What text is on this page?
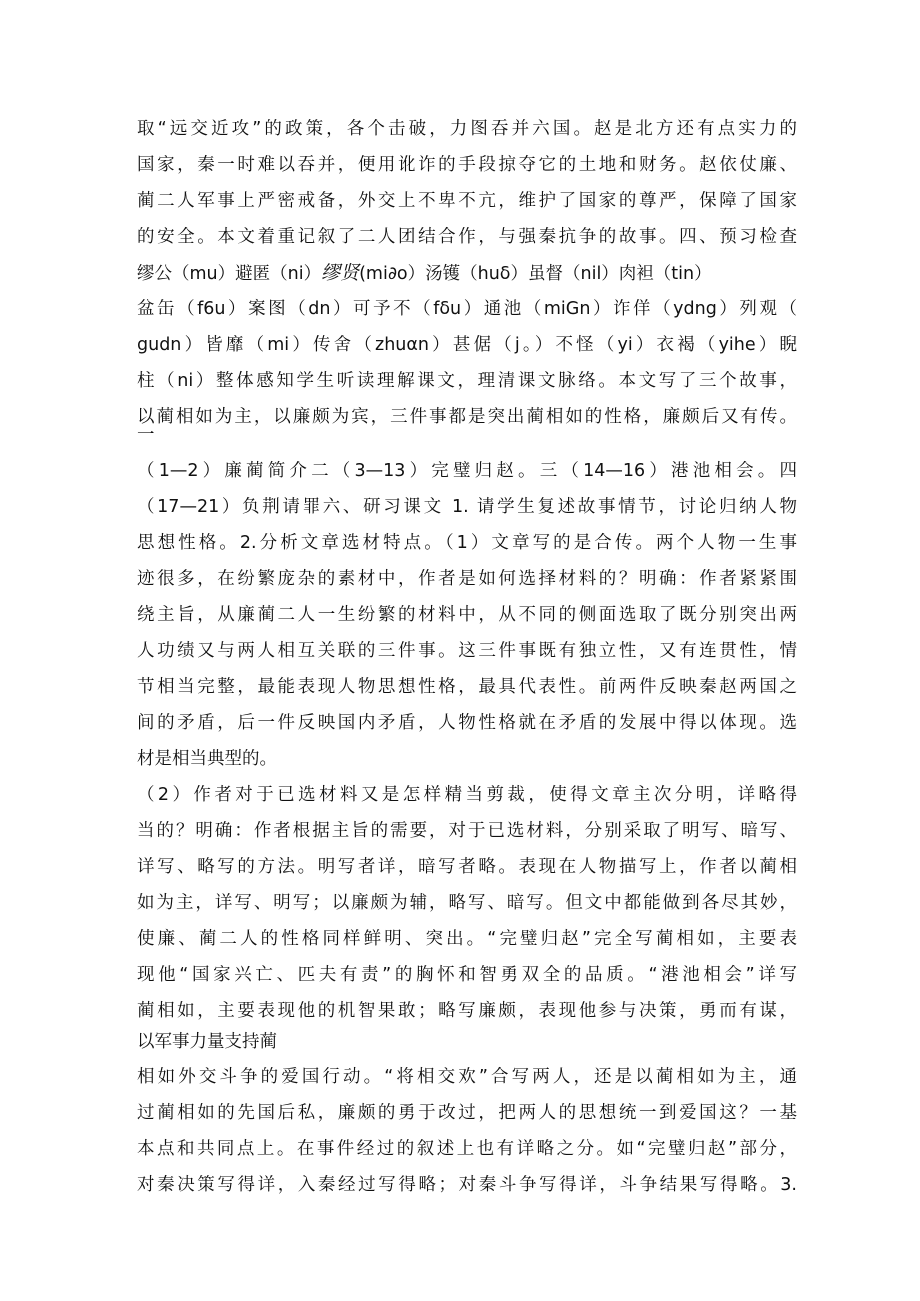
取“远交近攻”的政策，各个击破，力图吞并六国。赵是北方还有点实力的
国家，秦一时难以吞并，便用讹诈的手段掠夺它的土地和财务。赵依仗廉、
蔺二人军事上严密戒备，外交上不卑不亢，维护了国家的尊严，保障了国家
的安全。本文着重记叙了二人团结合作，与强秦抗争的故事。四、预习检查
缪公（mu）避匿（ni）缪贤(mi∂o）汤镬（huδ）虽督（nil）肉袒（tin）
盆缶（f6u）案图（dn）可予不（fδu）通池（miGn）诈佯（ydng）列观（
gudn）皆靡（mi）传舍（zhuαn）甚倨（j。）不怪（yi）衣褐（yihe）睨
柱（ni）整体感知学生听读理解课文，理清课文脉络。本文写了三个故事，
以蔺相如为主，以廉颇为宾，三件事都是突出蔺相如的性格，廉颇后又有传。
一
（1—2）廉蔺简介二（3—13）完璧归赵。三（14—16）港池相会。四
（17—21）负荆请罪六、研习课文 1. 请学生复述故事情节，讨论归纳人物
思想性格。2.分析文章选材特点。（1）文章写的是合传。两个人物一生事
迹很多，在纷繁庞杂的素材中，作者是如何选择材料的？明确：作者紧紧围
绕主旨，从廉蔺二人一生纷繁的材料中，从不同的侧面选取了既分别突出两
人功绩又与两人相互关联的三件事。这三件事既有独立性，又有连贯性，情
节相当完整，最能表现人物思想性格，最具代表性。前两件反映秦赵两国之
间的矛盾，后一件反映国内矛盾，人物性格就在矛盾的发展中得以体现。选
材是相当典型的。
（2）作者对于已选材料又是怎样精当剪裁，使得文章主次分明，详略得
当的？明确：作者根据主旨的需要，对于已选材料，分别采取了明写、暗写、
详写、略写的方法。明写者详，暗写者略。表现在人物描写上，作者以蔺相
如为主，详写、明写；以廉颇为辅，略写、暗写。但文中都能做到各尽其妙，
使廉、蔺二人的性格同样鲜明、突出。“完璧归赵”完全写蔺相如，主要表
现他“国家兴亡、匹夫有责”的胸怀和智勇双全的品质。“港池相会”详写
蔺相如，主要表现他的机智果敢；略写廉颇，表现他参与决策，勇而有谋，
以军事力量支持蔺
相如外交斗争的爱国行动。“将相交欢”合写两人，还是以蔺相如为主，通
过蔺相如的先国后私，廉颇的勇于改过，把两人的思想统一到爱国这？一基
本点和共同点上。在事件经过的叙述上也有详略之分。如“完璧归赵”部分，
对秦决策写得详，入秦经过写得略；对秦斗争写得详，斗争结果写得略。3.
